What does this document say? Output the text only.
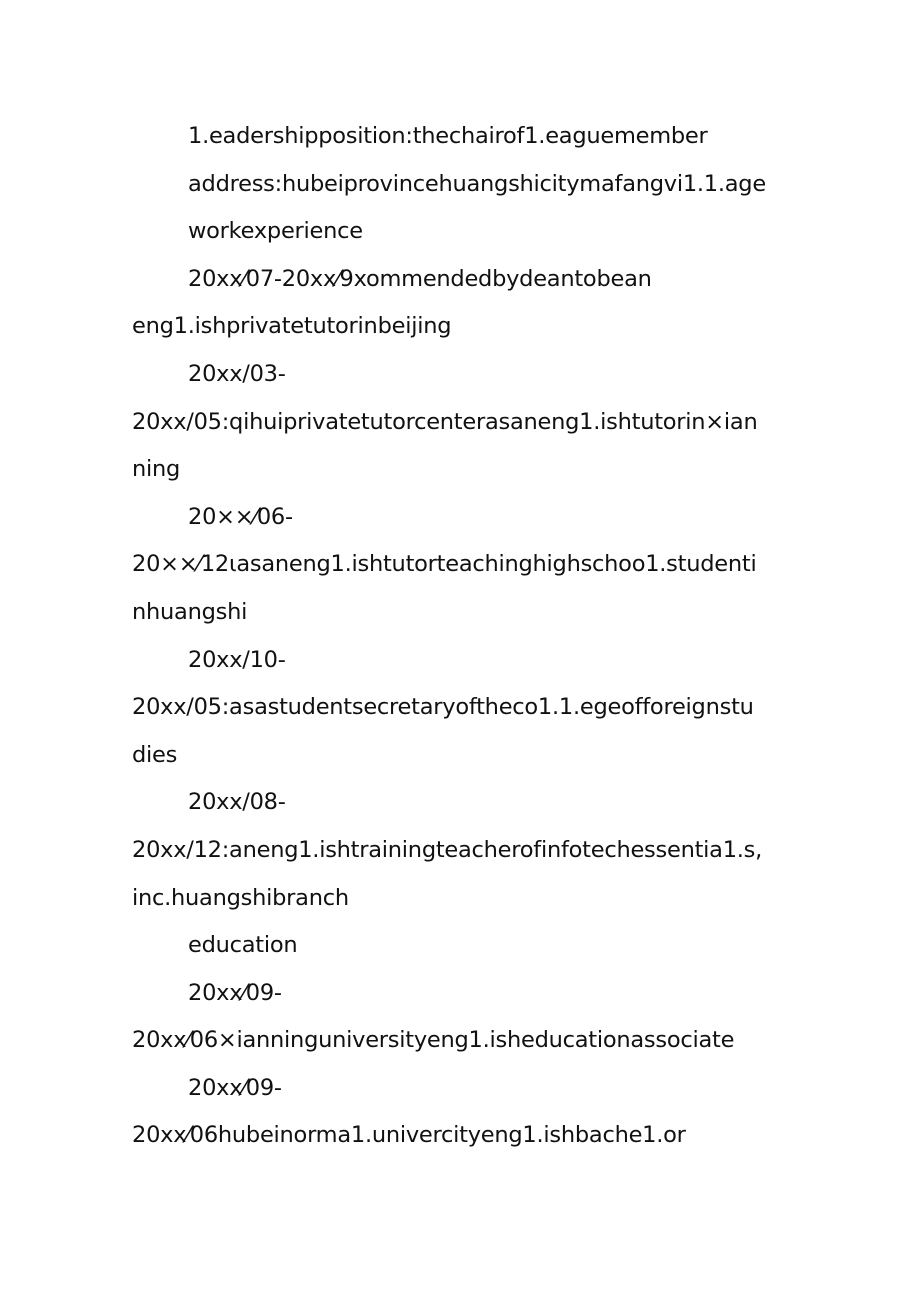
1.eadershipposition:thechairof1.eaguemember
address:hubeiprovincehuangshicitymafangvi1.1.age
workexperience
20xx⁄07-20xx⁄9xommendedbydeantobean
eng1.ishprivatetutorinbeijing
20xx/03-
20xx/05:qihuiprivatetutorcenterasaneng1.ishtutorin×ian
ning
20××⁄06-
20××⁄12ιasaneng1.ishtutorteachinghighschoo1.studenti
nhuangshi
20xx/10-
20xx/05:asastudentsecretaryoftheco1.1.egeofforeignstu
dies
20xx/08-
20xx/12:aneng1.ishtrainingteacherofinfotechessentia1.s,
inc.huangshibranch
education
20xx⁄09-
20xx⁄06×ianninguniversityeng1.isheducationassociate
20xx⁄09-
20xx⁄06hubeinorma1.univercityeng1.ishbache1.or
